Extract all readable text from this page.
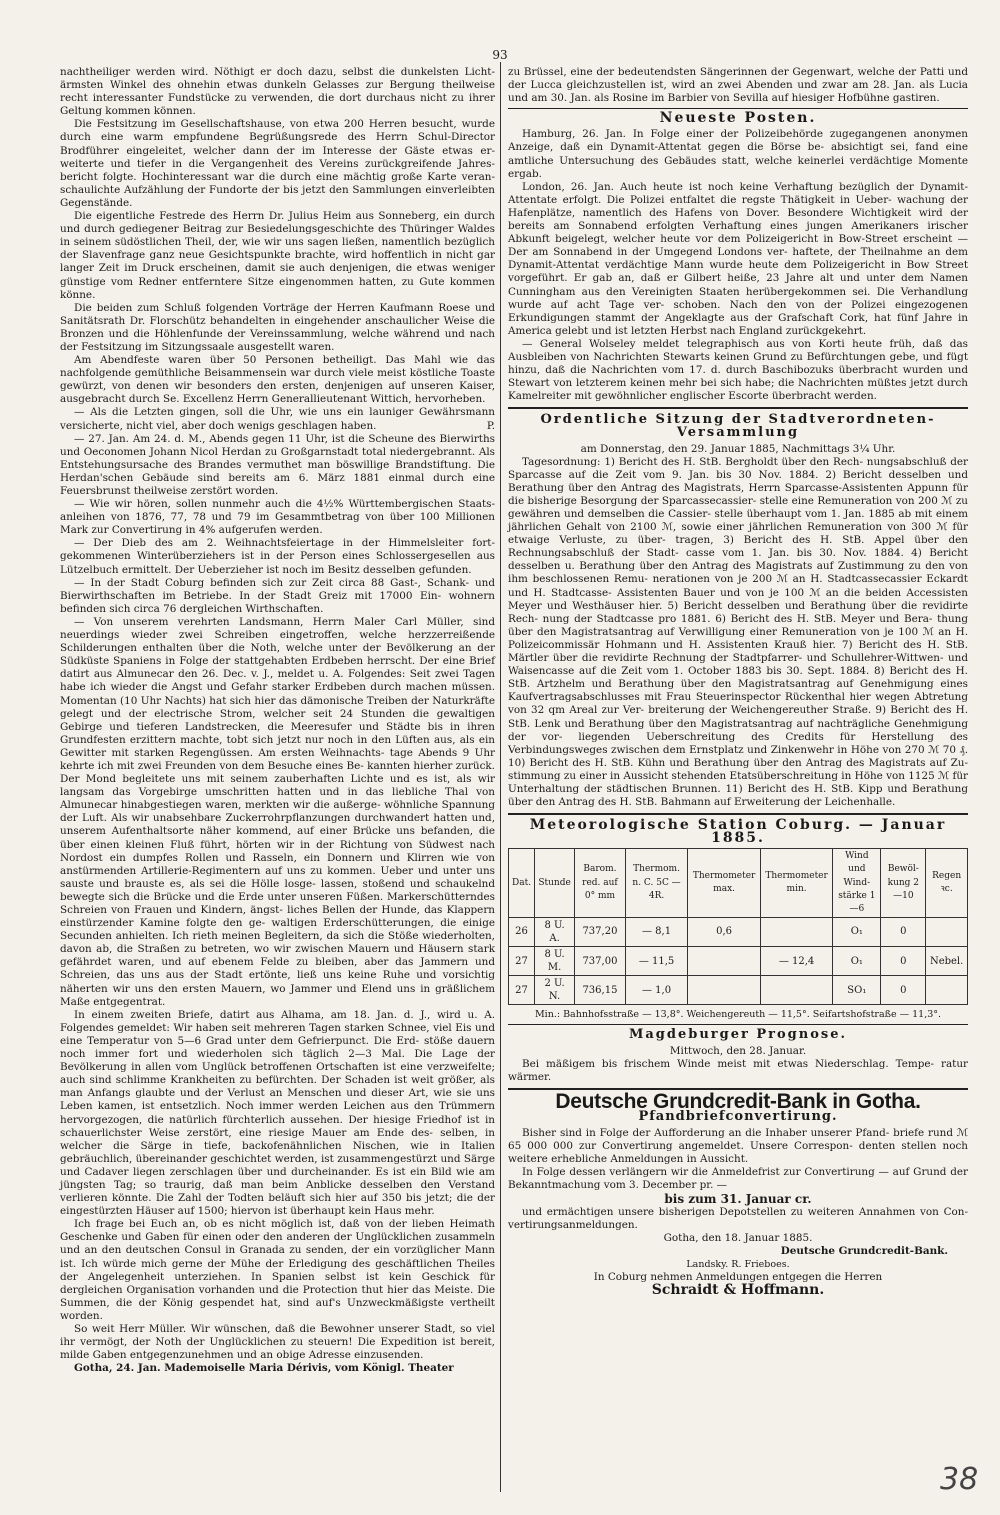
93

nachtheiliger werden wird. Nöthigt er doch dazu, selbst die dunkelsten Licht- ärmsten Winkel des ohnehin etwas dunkeln Gelasses zur Bergung theilweise recht interessanter Fundstücke zu verwenden, die dort durchaus nicht zu ihrer Geltung kommen können.

Die Festsitzung im Gesellschaftshause, von etwa 200 Herren besucht, wurde durch eine warm empfundene Begrüßungsrede des Herrn Schul-Director Brodführer eingeleitet, welcher dann der im Interesse der Gäste etwas er- weiterte und tiefer in die Vergangenheit des Vereins zurückgreifende Jahres- bericht folgte. Hochinteressant war die durch eine mächtig große Karte veran- schaulichte Aufzählung der Fundorte der bis jetzt den Sammlungen einverleibten Gegenstände.

Die eigentliche Festrede des Herrn Dr. Julius Heim aus Sonneberg, ein durch und durch gediegener Beitrag zur Besiedelungsgeschichte des Thüringer Waldes in seinem südöstlichen Theil, der, wie wir uns sagen ließen, namentlich bezüglich der Slavenfrage ganz neue Gesichtspunkte brachte, wird hoffentlich in nicht gar langer Zeit im Druck erscheinen, damit sie auch denjenigen, die etwas weniger günstige vom Redner entferntere Sitze eingenommen hatten, zu Gute kommen könne.

Die beiden zum Schluß folgenden Vorträge der Herren Kaufmann Roese und Sanitätsrath Dr. Florschütz behandelten in eingehender anschaulicher Weise die Bronzen und die Höhlenfunde der Vereinssammlung, welche während und nach der Festsitzung im Sitzungssaale ausgestellt waren.

Am Abendfeste waren über 50 Personen betheiligt. Das Mahl wie das nachfolgende gemüthliche Beisammensein war durch viele meist köstliche Toaste gewürzt, von denen wir besonders den ersten, denjenigen auf unseren Kaiser, ausgebracht durch Se. Excellenz Herrn Generallieutenant Wittich, hervorheben.

— Als die Letzten gingen, soll die Uhr, wie uns ein launiger Gewährsmann versicherte, nicht viel, aber doch wenigs geschlagen haben.	P.

— 27. Jan. Am 24. d. M., Abends gegen 11 Uhr, ist die Scheune des Bierwirths und Oeconomen Johann Nicol Herdan zu Großgarnstadt total niedergebrannt. Als Entstehungsursache des Brandes vermuthet man böswillige Brandstiftung. Die Herdan'schen Gebäude sind bereits am 6. März 1881 einmal durch eine Feuersbrunst theilweise zerstört worden.

— Wie wir hören, sollen nunmehr auch die 4½% Württembergischen Staats- anleihen von 1876, 77, 78 und 79 im Gesammtbetrag von über 100 Millionen Mark zur Convertirung in 4% aufgerufen werden.

— Der Dieb des am 2. Weihnachtsfeiertage in der Himmelsleiter fort- gekommenen Winterüberziehers ist in der Person eines Schlossergesellen aus Lützelbuch ermittelt. Der Ueberzieher ist noch im Besitz desselben gefunden.

— In der Stadt Coburg befinden sich zur Zeit circa 88 Gast-, Schank- und Bierwirthschaften im Betriebe. In der Stadt Greiz mit 17000 Ein- wohnern befinden sich circa 76 dergleichen Wirthschaften.

— Von unserem verehrten Landsmann, Herrn Maler Carl Müller, sind neuerdings wieder zwei Schreiben eingetroffen, welche herzzerreißende Schilderungen enthalten über die Noth, welche unter der Bevölkerung an der Südküste Spaniens in Folge der stattgehabten Erdbeben herrscht. Der eine Brief datirt aus Almunecar den 26. Dec. v. J., meldet u. A. Folgendes: Seit zwei Tagen habe ich wieder die Angst und Gefahr starker Erdbeben durch machen müssen. Momentan (10 Uhr Nachts) hat sich hier das dämonische Treiben der Naturkräfte gelegt und der electrische Strom, welcher seit 24 Stunden die gewaltigen Gebirge und tieferen Landstrecken, die Meeresufer und Städte bis in ihren Grundfesten erzittern machte, tobt sich jetzt nur noch in den Lüften aus, als ein Gewitter mit starken Regengüssen. Am ersten Weihnachts- tage Abends 9 Uhr kehrte ich mit zwei Freunden von dem Besuche eines Be- kannten hierher zurück. Der Mond begleitete uns mit seinem zauberhaften Lichte und es ist, als wir langsam das Vorgebirge umschritten hatten und in das liebliche Thal von Almunecar hinabgestiegen waren, merkten wir die außerge- wöhnliche Spannung der Luft. Als wir unabsehbare Zuckerrohrpflanzungen durchwandert hatten und, unserem Aufenthaltsorte näher kommend, auf einer Brücke uns befanden, die über einen kleinen Fluß führt, hörten wir in der Richtung von Südwest nach Nordost ein dumpfes Rollen und Rasseln, ein Donnern und Klirren wie von anstürmenden Artillerie-Regimentern auf uns zu kommen. Ueber und unter uns sauste und brauste es, als sei die Hölle losge- lassen, stoßend und schaukelnd bewegte sich die Brücke und die Erde unter unseren Füßen. Markerschütterndes Schreien von Frauen und Kindern, ängst- liches Bellen der Hunde, das Klappern einstürzender Kamine folgte den ge- waltigen Erderschütterungen, die einige Secunden anhielten. Ich rieth meinen Begleitern, da sich die Stöße wiederholten, davon ab, die Straßen zu betreten, wo wir zwischen Mauern und Häusern stark gefährdet waren, und auf ebenem Felde zu bleiben, aber das Jammern und Schreien, das uns aus der Stadt ertönte, ließ uns keine Ruhe und vorsichtig näherten wir uns den ersten Mauern, wo Jammer und Elend uns in gräßlichem Maße entgegentrat.

In einem zweiten Briefe, datirt aus Alhama, am 18. Jan. d. J., wird u. A. Folgendes gemeldet: Wir haben seit mehreren Tagen starken Schnee, viel Eis und eine Temperatur von 5—6 Grad unter dem Gefrierpunct. Die Erd- stöße dauern noch immer fort und wiederholen sich täglich 2—3 Mal. Die Lage der Bevölkerung in allen vom Unglück betroffenen Ortschaften ist eine verzweifelte; auch sind schlimme Krankheiten zu befürchten. Der Schaden ist weit größer, als man Anfangs glaubte und der Verlust an Menschen und dieser Art, wie sie uns Leben kamen, ist entsetzlich. Noch immer werden Leichen aus den Trümmern hervorgezogen, die natürlich fürchterlich aussehen. Der hiesige Friedhof ist in schauerlichster Weise zerstört, eine riesige Mauer am Ende des- selben, in welcher die Särge in tiefe, backofenähnlichen Nischen, wie in Italien gebräuchlich, übereinander geschichtet werden, ist zusammengestürzt und Särge und Cadaver liegen zerschlagen über und durcheinander. Es ist ein Bild wie am jüngsten Tag; so traurig, daß man beim Anblicke desselben den Verstand verlieren könnte. Die Zahl der Todten beläuft sich hier auf 350 bis jetzt; die der eingestürzten Häuser auf 1500; hiervon ist überhaupt kein Haus mehr.

Ich frage bei Euch an, ob es nicht möglich ist, daß von der lieben Heimath Geschenke und Gaben für einen oder den anderen der Unglücklichen zusammeln und an den deutschen Consul in Granada zu senden, der ein vorzüglicher Mann ist. Ich würde mich gerne der Mühe der Erledigung des geschäftlichen Theiles der Angelegenheit unterziehen. In Spanien selbst ist kein Geschick für dergleichen Organisation vorhanden und die Protection thut hier das Meiste. Die Summen, die der König gespendet hat, sind auf's Unzweckmäßigste vertheilt worden.

So weit Herr Müller. Wir wünschen, daß die Bewohner unserer Stadt, so viel ihr vermögt, der Noth der Unglücklichen zu steuern! Die Expedition ist bereit, milde Gaben entgegenzunehmen und an obige Adresse einzusenden.

Gotha, 24. Jan. Mademoiselle Maria Dérivis, vom Königl. Theater

zu Brüssel, eine der bedeutendsten Sängerinnen der Gegenwart, welche der Patti und der Lucca gleichzustellen ist, wird an zwei Abenden und zwar am 28. Jan. als Lucia und am 30. Jan. als Rosine im Barbier von Sevilla auf hiesiger Hofbühne gastiren.

Neueste Posten.

Hamburg, 26. Jan. In Folge einer der Polizeibehörde zugegangenen anonymen Anzeige, daß ein Dynamit-Attentat gegen die Börse be- absichtigt sei, fand eine amtliche Untersuchung des Gebäudes statt, welche keinerlei verdächtige Momente ergab.

London, 26. Jan. Auch heute ist noch keine Verhaftung bezüglich der Dynamit-Attentate erfolgt. Die Polizei entfaltet die regste Thätigkeit in Ueber- wachung der Hafenplätze, namentlich des Hafens von Dover. Besondere Wichtigkeit wird der bereits am Sonnabend erfolgten Verhaftung eines jungen Amerikaners irischer Abkunft beigelegt, welcher heute vor dem Polizeigericht in Bow-Street erscheint — Der am Sonnabend in der Umgegend Londons ver- haftete, der Theilnahme an dem Dynamit-Attentat verdächtige Mann wurde heute dem Polizeigericht in Bow Street vorgeführt. Er gab an, daß er Gilbert heiße, 23 Jahre alt und unter dem Namen Cunningham aus den Vereinigten Staaten herübergekommen sei. Die Verhandlung wurde auf acht Tage ver- schoben. Nach den von der Polizei eingezogenen Erkundigungen stammt der Angeklagte aus der Grafschaft Cork, hat fünf Jahre in America gelebt und ist letzten Herbst nach England zurückgekehrt.

— General Wolseley meldet telegraphisch aus von Korti heute früh, daß das Ausbleiben von Nachrichten Stewarts keinen Grund zu Befürchtungen gebe, und fügt hinzu, daß die Nachrichten vom 17. d. durch Baschibozuks überbracht wurden und Stewart von letzterem keinen mehr bei sich habe; die Nachrichten müßtes jetzt durch Kamelreiter mit gewöhnlicher englischer Escorte überbracht werden.

Ordentliche Sitzung der Stadtverordneten-Versammlung
am Donnerstag, den 29. Januar 1885, Nachmittags 3¼ Uhr.

Tagesordnung: 1) Bericht des H. StB. Bergholdt über den Rech- nungsabschluß der Sparcasse auf die Zeit vom 9. Jan. bis 30 Nov. 1884. 2) Bericht desselben und Berathung über den Antrag des Magistrats, Herrn Sparcasse-Assistenten Appunn für die bisherige Besorgung der Sparcassecassier- stelle eine Remuneration von 200 ℳ zu gewähren und demselben die Cassier- stelle überhaupt vom 1. Jan. 1885 ab mit einem jährlichen Gehalt von 2100 ℳ, sowie einer jährlichen Remuneration von 300 ℳ für etwaige Verluste, zu über- tragen, 3) Bericht des H. StB. Appel über den Rechnungsabschluß der Stadt- casse vom 1. Jan. bis 30. Nov. 1884. 4) Bericht desselben u. Berathung über den Antrag des Magistrats auf Zustimmung zu den von ihm beschlossenen Remu- nerationen von je 200 ℳ an H. Stadtcassecassier Eckardt und H. Stadtcasse- Assistenten Bauer und von je 100 ℳ an die beiden Accessisten Meyer und Westhäuser hier. 5) Bericht desselben und Berathung über die revidirte Rech- nung der Stadtcasse pro 1881. 6) Bericht des H. StB. Meyer und Bera- thung über den Magistratsantrag auf Verwilligung einer Remuneration von je 100 ℳ an H. Polizeicommissär Hohmann und H. Assistenten Krauß hier. 7) Bericht des H. StB. Märtler über die revidirte Rechnung der Stadtpfarrer- und Schullehrer-Wittwen- und Waisencasse auf die Zeit vom 1. October 1883 bis 30. Sept. 1884. 8) Bericht des H. StB. Artzhelm und Berathung über den Magistratsantrag auf Genehmigung eines Kaufvertragsabschlusses mit Frau Steuerinspector Rückenthal hier wegen Abtretung von 32 qm Areal zur Ver- breiterung der Weichengereuther Straße. 9) Bericht des H. StB. Lenk und Berathung über den Magistratsantrag auf nachträgliche Genehmigung der vor- liegenden Ueberschreitung des Credits für Herstellung des Verbindungsweges zwischen dem Ernstplatz und Zinkenwehr in Höhe von 270 ℳ 70 ₰. 10) Bericht des H. StB. Kühn und Berathung über den Antrag des Magistrats auf Zu- stimmung zu einer in Aussicht stehenden Etatsüberschreitung in Höhe von 1125 ℳ für Unterhaltung der städtischen Brunnen. 11) Bericht des H. StB. Kipp und Berathung über den Antrag des H. StB. Bahmann auf Erweiterung der Leichenhalle.

Meteorologische Station Coburg. — Januar 1885.
Dat.	Stunde	Barom. red. auf 0° mm	Thermom. n. C. 5C — 4R.	Thermometer max.	Thermometer min.	Wind und Wind- stärke 1—6	Bewöl- kung 2—10	Regen ꝛc.
26	8 U. A.	737,20	— 8,1	0,6		O₁	0	
27	8 U. M.	737,00	— 11,5		— 12,4	O₁	0	Nebel.
27	2 U. N.	736,15	— 1,0			SO₁	0	
Min.: Bahnhofsstraße — 13,8°. Weichengereuth — 11,5°. Seifartshofstraße — 11,3°.
Magdeburger Prognose.
Mittwoch, den 28. Januar.

Bei mäßigem bis frischem Winde meist mit etwas Niederschlag. Tempe- ratur wärmer.

Deutsche Grundcredit-Bank in Gotha.
Pfandbriefconvertirung.

Bisher sind in Folge der Aufforderung an die Inhaber unserer Pfand- briefe rund ℳ 65 000 000 zur Convertirung angemeldet. Unsere Correspon- denten stellen noch weitere erhebliche Anmeldungen in Aussicht.

In Folge dessen verlängern wir die Anmeldefrist zur Convertirung — auf Grund der Bekanntmachung vom 3. December pr. —

bis zum 31. Januar cr.

und ermächtigen unsere bisherigen Depotstellen zu weiteren Annahmen von Con- vertirungsanmeldungen.

Gotha, den 18. Januar 1885.
Deutsche Grundcredit-Bank.
Landsky. R. Frieboes.
In Coburg nehmen Anmeldungen entgegen die Herren
Schraidt & Hoffmann.
38
